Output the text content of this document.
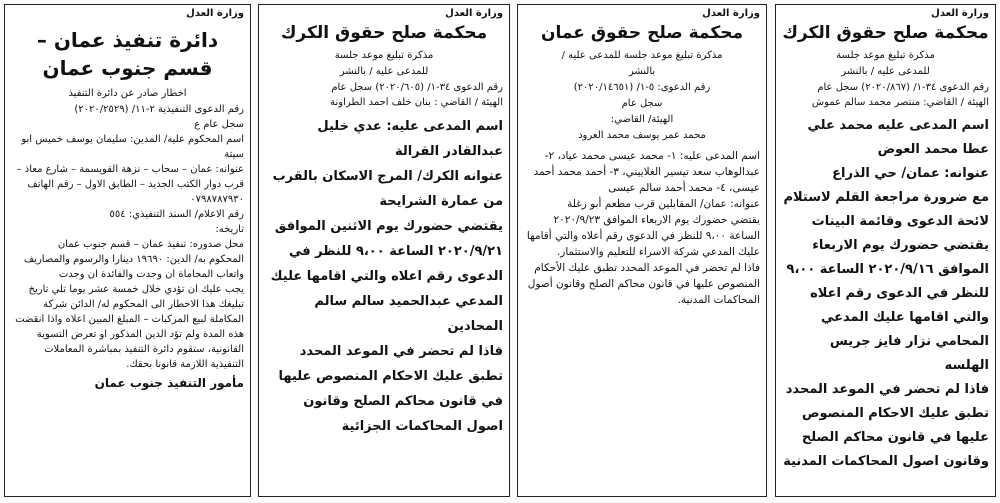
وزارة العدل

محكمة صلح حقوق الكرك

مذكرة تبليغ موعد جلسة

للمدعى عليه / بالنشر

رقم الدعوى ٣٤-١/ (٢٠٢٠/٨٦٧) سجل عام

الهيئة / القاضي: منتصر محمد سالم عموش

اسم المدعى عليه محمد علي عطا محمد العوض

عنوانه: عمان/ حي الذراع

مع ضرورة مراجعة القلم لاستلام لائحة الدعوى وقائمة البينات يقتضي حضورك يوم الاربعاء الموافق ٢٠٢٠/٩/١٦ الساعة ٩،٠٠ للنظر في الدعوى رقم اعلاه والتي اقامها عليك المدعي المحامي نزار فايز جريس الهلسه

فاذا لم تحضر في الموعد المحدد تطبق عليك الاحكام المنصوص عليها في قانون محاكم الصلح وقانون اصول المحاكمات المدنية

وزارة العدل

محكمة صلح حقوق عمان

مذكرة تبليغ موعد جلسة للمدعى عليه /

بالنشر

رقم الدعوى: ٥-١/ (٢٠٢٠/١٤٦٥١)

سجل عام

الهيئة/ القاضي:

محمد عمر يوسف محمد العرود

اسم المدعى عليه: ١- محمد عيسى محمد عياد، ٢- عبدالوهاب سعد تيسير الغلاييني، ٣- أحمد محمد أحمد عيسى، ٤- محمد أحمد سالم عيسى

عنوانه: عمان/ المقابلين قرب مطعم أبو زغلة

يقتضي حضورك يوم الاربعاء الموافق ٢٠٢٠/٩/٢٣ الساعة ٩،٠٠ للنظر في الدعوى رقم أعلاه والتي أقامها عليك المدعي شركة الاسراء للتعليم والاستثمار.

فاذا لم تحضر في الموعد المحدد تطبق عليك الأحكام المنصوص عليها في قانون محاكم الصلح وقانون أصول المحاكمات المدنية.

وزارة العدل

محكمة صلح حقوق الكرك

مذكرة تبليغ موعد جلسة

للمدعى عليه / بالنشر

رقم الدعوى ٣٤-١/ (٢٠٢٠/٦٠٥) سجل عام

الهيئة / القاضي : بنان خلف احمد الطراونة

اسم المدعى عليه: عدي خليل عبدالقادر القرالة

عنوانه الكرك/ المرج الاسكان بالقرب من عمارة الشرايحة

يقتضي حضورك يوم الاثنين الموافق ٢٠٢٠/٩/٢١ الساعة ٩،٠٠ للنظر في الدعوى رقم اعلاه والتي اقامها عليك المدعي عبدالحميد سالم سالم المحادين

فاذا لم تحضر في الموعد المحدد تطبق عليك الاحكام المنصوص عليها في قانون محاكم الصلح وقانون اصول المحاكمات الجزائية

وزارة العدل

دائرة تنفيذ عمان –

قسم جنوب عمان

اخطار صادر عن دائرة التنفيذ

رقم الدعوى التنفيذية ٢-١١/ (٢٠٢٠/٢٥٢٩)

سجل عام ع

اسم المحكوم عليه/ المدين: سليمان يوسف خميس ابو سيتة

عنوانه: عمان – سحاب – نزهة القويسمة – شارع معاذ – قرب دوار الكتب الجديد – الطابق الاول – رقم الهاتف ٠٧٩٨٧٨٧٩٣٠

رقم الاعلام/ السند التنفيذي: ٥٥٤

تاريخه:

محل صدوره: تنفيذ عمان – قسم جنوب عمان

المحكوم به/ الدين: ١٩٦٩٠ دينارا والرسوم والمصاريف واتعاب المحاماة ان وجدت والفائدة ان وجدت

يجب عليك ان تؤدي خلال خمسة عشر يوما تلي تاريخ تبليغك هذا الاخطار الى المحكوم له/ الدائن شركة المكاملة لبيع المركبات – المبلغ المبين اعلاه واذا انقضت هذه المدة ولم تؤد الدين المذكور او تعرض التسوية القانونية، ستقوم دائرة التنفيذ بمباشرة المعاملات التنفيذية اللازمة قانونا بحقك.

مأمور التنفيذ جنوب عمان
